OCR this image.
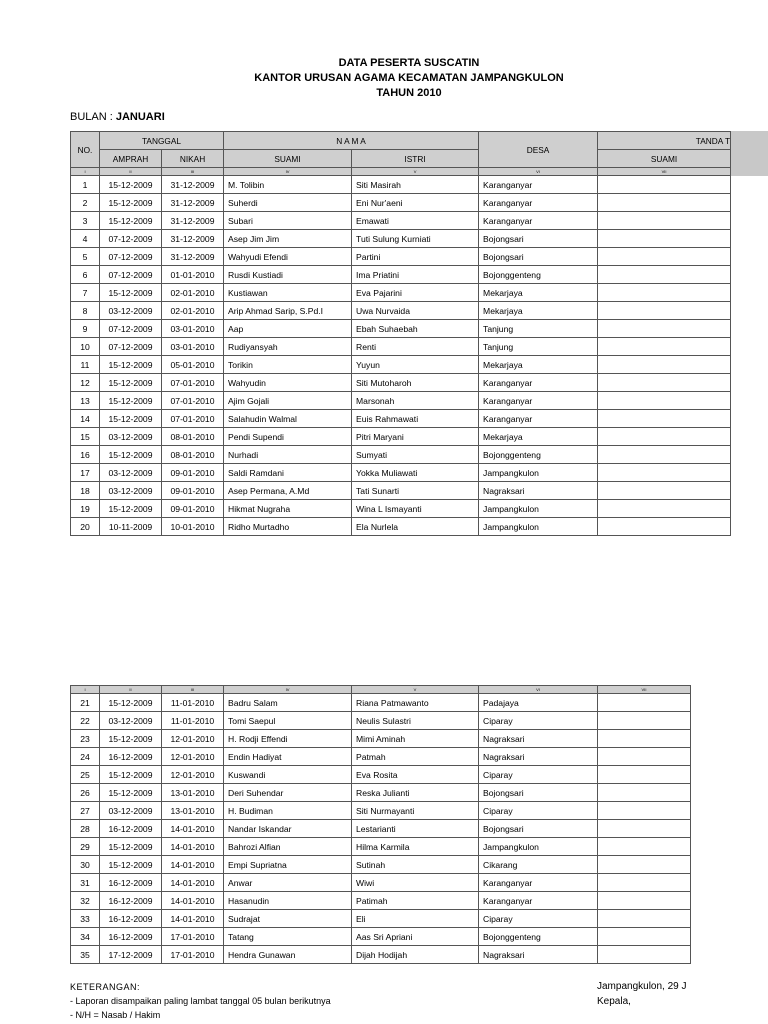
DATA PESERTA SUSCATIN
KANTOR URUSAN AGAMA KECAMATAN JAMPANGKULON
TAHUN 2010
BULAN : JANUARI
NO.	TANGGAL		N A M A		DESA	TANDA T
	AMPRAH	NIKAH	SUAMI	ISTRI		SUAMI
I	II	III	IV	V	VI	VII
1	15-12-2009	31-12-2009	M. Tolibin	Siti Masirah	Karanganyar	
2	15-12-2009	31-12-2009	Suherdi	Eni Nur'aeni	Karanganyar	
3	15-12-2009	31-12-2009	Subari	Emawati	Karanganyar	
4	07-12-2009	31-12-2009	Asep Jim Jim	Tuti Sulung Kurniati	Bojongsari	
5	07-12-2009	31-12-2009	Wahyudi Efendi	Partini	Bojongsari	
6	07-12-2009	01-01-2010	Rusdi Kustiadi	Ima Priatini	Bojonggenteng	
7	15-12-2009	02-01-2010	Kustiawan	Eva Pajarini	Mekarjaya	
8	03-12-2009	02-01-2010	Arip Ahmad Sarip, S.Pd.I	Uwa Nurvaida	Mekarjaya	
9	07-12-2009	03-01-2010	Aap	Ebah Suhaebah	Tanjung	
10	07-12-2009	03-01-2010	Rudiyansyah	Renti	Tanjung	
11	15-12-2009	05-01-2010	Torikin	Yuyun	Mekarjaya	
12	15-12-2009	07-01-2010	Wahyudin	Siti Mutoharoh	Karanganyar	
13	15-12-2009	07-01-2010	Ajim Gojali	Marsonah	Karanganyar	
14	15-12-2009	07-01-2010	Salahudin Walmal	Euis Rahmawati	Karanganyar	
15	03-12-2009	08-01-2010	Pendi Supendi	Pitri Maryani	Mekarjaya	
16	15-12-2009	08-01-2010	Nurhadi	Sumyati	Bojonggenteng	
17	03-12-2009	09-01-2010	Saldi Ramdani	Yokka Muliawati	Jampangkulon	
18	03-12-2009	09-01-2010	Asep Permana, A.Md	Tati Sunarti	Nagraksari	
19	15-12-2009	09-01-2010	Hikmat Nugraha	Wina L Ismayanti	Jampangkulon	
20	10-11-2009	10-01-2010	Ridho Murtadho	Ela Nurlela	Jampangkulon	
I	II	III	IV	V	VI	VII
21	15-12-2009	11-01-2010	Badru Salam	Riana Patmawanto	Padajaya	
22	03-12-2009	11-01-2010	Tomi Saepul	Neulis Sulastri	Ciparay	
23	15-12-2009	12-01-2010	H. Rodji Effendi	Mimi Aminah	Nagraksari	
24	16-12-2009	12-01-2010	Endin Hadiyat	Patmah	Nagraksari	
25	15-12-2009	12-01-2010	Kuswandi	Eva Rosita	Ciparay	
26	15-12-2009	13-01-2010	Deri Suhendar	Reska Julianti	Bojongsari	
27	03-12-2009	13-01-2010	H. Budiman	Siti Nurmayanti	Ciparay	
28	16-12-2009	14-01-2010	Nandar Iskandar	Lestarianti	Bojongsari	
29	15-12-2009	14-01-2010	Bahrozi Alfian	Hilma Karmila	Jampangkulon	
30	15-12-2009	14-01-2010	Empi Supriatna	Sutinah	Cikarang	
31	16-12-2009	14-01-2010	Anwar	Wiwi	Karanganyar	
32	16-12-2009	14-01-2010	Hasanudin	Patimah	Karanganyar	
33	16-12-2009	14-01-2010	Sudrajat	Eli	Ciparay	
34	16-12-2009	17-01-2010	Tatang	Aas Sri Apriani	Bojonggenteng	
35	17-12-2009	17-01-2010	Hendra Gunawan	Dijah Hodijah	Nagraksari	
KETERANGAN:
- Laporan disampaikan paling lambat tanggal 05 bulan berikutnya
- N/H = Nasab / Hakim
Jampangkulon, 29 J
Kepala,
